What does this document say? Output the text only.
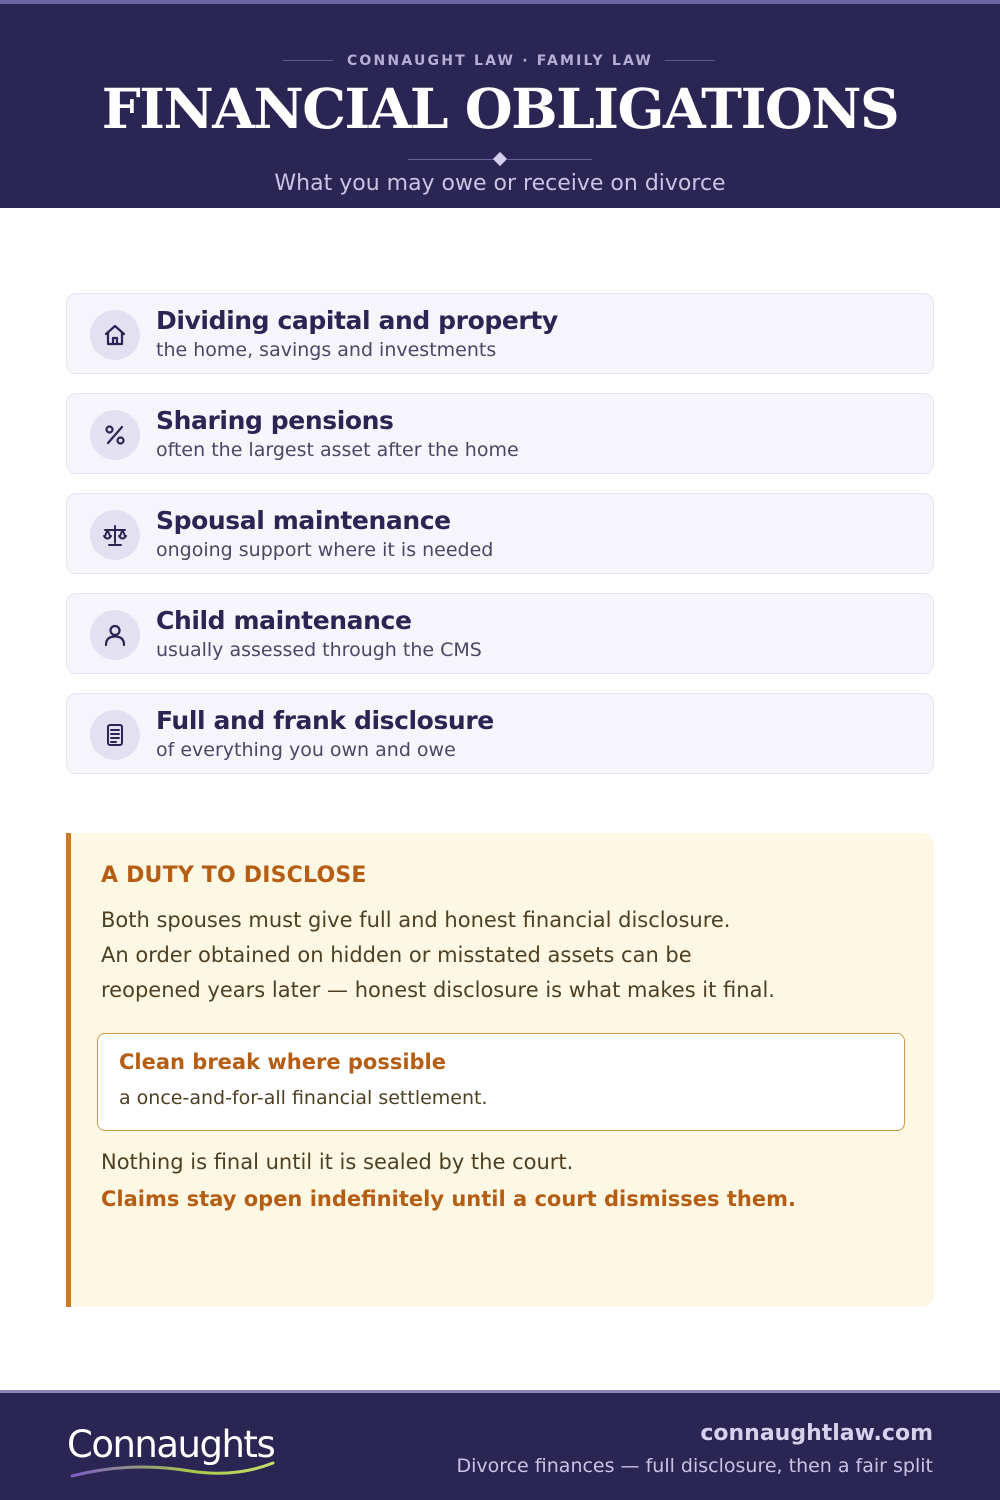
CONNAUGHT LAW · FAMILY LAW
FINANCIAL OBLIGATIONS
What you may owe or receive on divorce
Dividing capital and property
the home, savings and investments
Sharing pensions
often the largest asset after the home
Spousal maintenance
ongoing support where it is needed
Child maintenance
usually assessed through the CMS
Full and frank disclosure
of everything you own and owe
A DUTY TO DISCLOSE
Both spouses must give full and honest financial disclosure.
An order obtained on hidden or misstated assets can be
reopened years later — honest disclosure is what makes it final.
Clean break where possible
a once-and-for-all financial settlement.
Nothing is final until it is sealed by the court.
Claims stay open indefinitely until a court dismisses them.
Connaughts	connaughtlaw.com
Divorce finances — full disclosure, then a fair split
